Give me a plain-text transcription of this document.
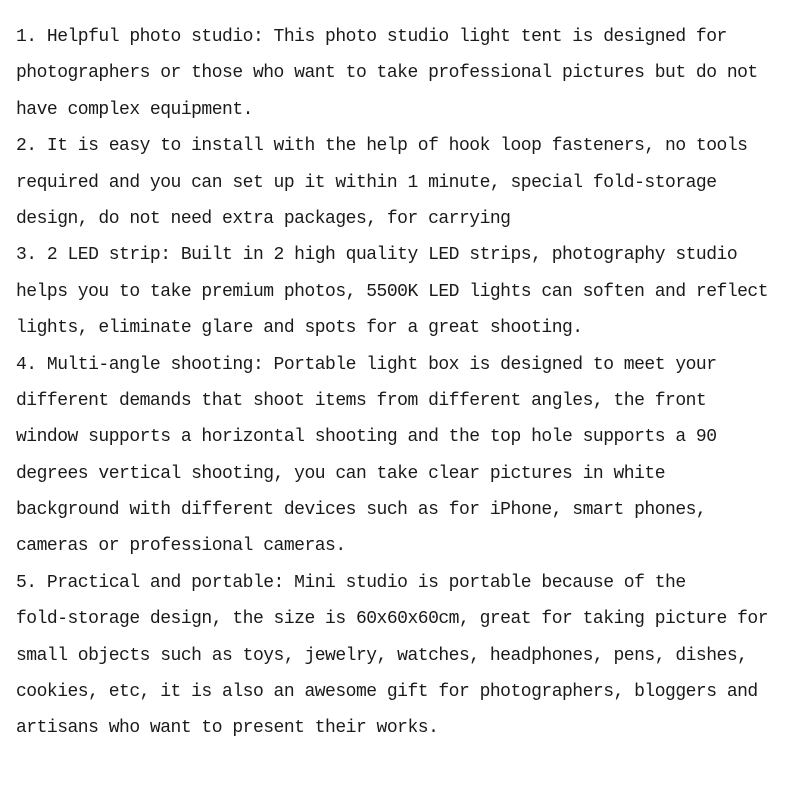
1. Helpful photo studio: This photo studio light tent is designed for
photographers or those who want to take professional pictures but do not
have complex equipment.
2. It is easy to install with the help of hook loop fasteners, no tools
required and you can set up it within 1 minute, special fold-storage
design, do not need extra packages, for carrying
3. 2 LED strip: Built in 2 high quality LED strips, photography studio
helps you to take premium photos, 5500K LED lights can soften and reflect
lights, eliminate glare and spots for a great shooting.
4. Multi-angle shooting: Portable light box is designed to meet your
different demands that shoot items from different angles, the front
window supports a horizontal shooting and the top hole supports a 90
degrees vertical shooting, you can take clear pictures in white
background with different devices such as for iPhone, smart phones,
cameras or professional cameras.
5. Practical and portable: Mini studio is portable because of the
fold-storage design, the size is 60x60x60cm, great for taking picture for
small objects such as toys, jewelry, watches, headphones, pens, dishes,
cookies, etc, it is also an awesome gift for photographers, bloggers and
artisans who want to present their works.
